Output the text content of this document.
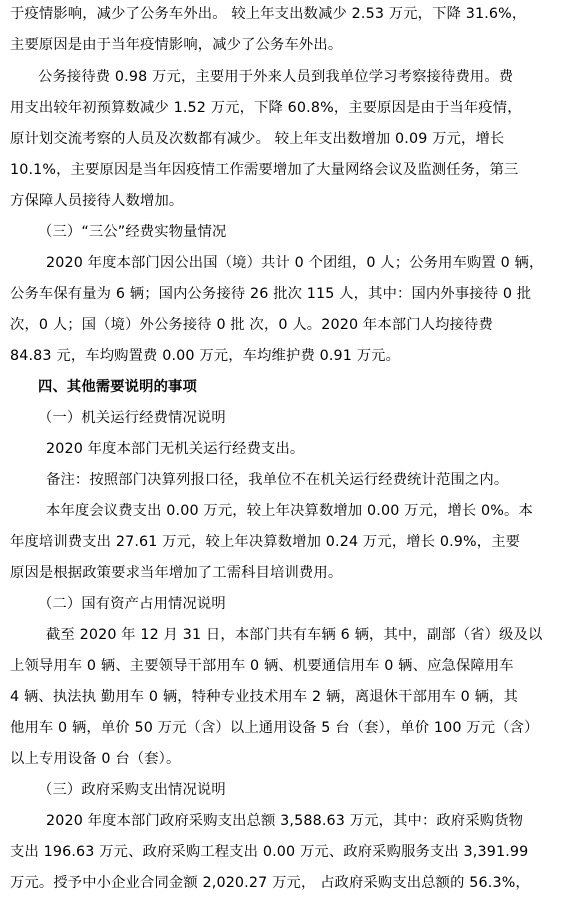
于疫情影响，减少了公务车外出。 较上年支出数减少 2.53 万元，下降 31.6%，
主要原因是由于当年疫情影响，减少了公务车外出。
公务接待费 0.98 万元，主要用于外来人员到我单位学习考察接待费用。费
用支出较年初预算数减少 1.52 万元，下降 60.8%，主要原因是由于当年疫情，
原计划交流考察的人员及次数都有减少。 较上年支出数增加 0.09 万元，增长
10.1%，主要原因是当年因疫情工作需要增加了大量网络会议及监测任务，第三
方保障人员接待人数增加。
（三）“三公”经费实物量情况
2020 年度本部门因公出国（境）共计 0 个团组，0 人；公务用车购置 0 辆，
公务车保有量为 6 辆；国内公务接待 26 批次 115 人，其中：国内外事接待 0 批
次，0 人；国（境）外公务接待 0 批 次，0 人。2020 年本部门人均接待费
84.83 元，车均购置费 0.00 万元，车均维护费 0.91 万元。
四、其他需要说明的事项
（一）机关运行经费情况说明
2020 年度本部门无机关运行经费支出。
备注：按照部门决算列报口径，我单位不在机关运行经费统计范围之内。
本年度会议费支出 0.00 万元，较上年决算数增加 0.00 万元，增长 0%。本
年度培训费支出 27.61 万元，较上年决算数增加 0.24 万元，增长 0.9%，主要
原因是根据政策要求当年增加了工需科目培训费用。
（二）国有资产占用情况说明
截至 2020 年 12 月 31 日，本部门共有车辆 6 辆，其中，副部（省）级及以
上领导用车 0 辆、主要领导干部用车 0 辆、机要通信用车 0 辆、应急保障用车
4 辆、执法执 勤用车 0 辆，特种专业技术用车 2 辆，离退休干部用车 0 辆，其
他用车 0 辆，单价 50 万元（含）以上通用设备 5 台（套），单价 100 万元（含）
以上专用设备 0 台（套）。
（三）政府采购支出情况说明
2020 年度本部门政府采购支出总额 3,588.63 万元，其中：政府采购货物
支出 196.63 万元、政府采购工程支出 0.00 万元、政府采购服务支出 3,391.99
万元。授予中小企业合同金额 2,020.27 万元， 占政府采购支出总额的 56.3%，
